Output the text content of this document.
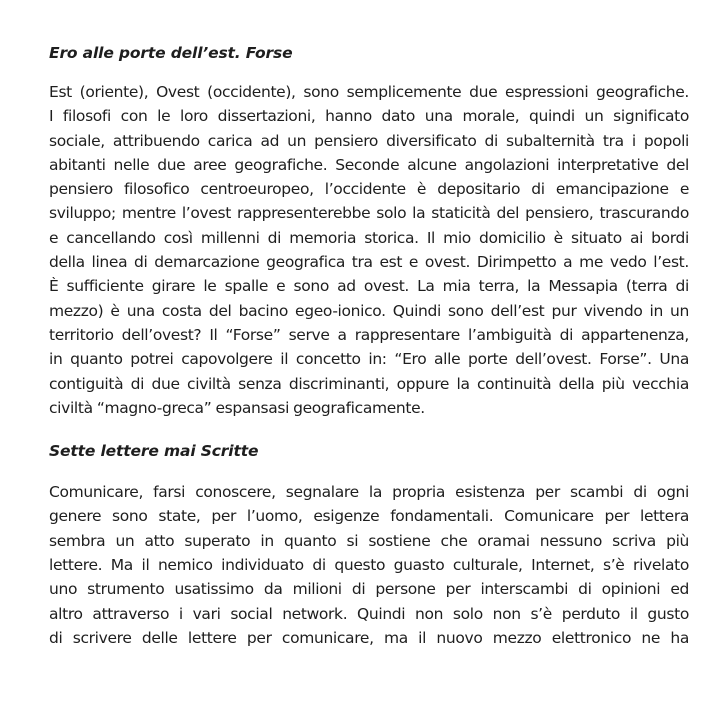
Ero alle porte dell’est. Forse

Est (oriente), Ovest (occidente), sono semplicemente due espressioni geografiche.
I filosofi con le loro dissertazioni, hanno dato una morale, quindi un significato
sociale, attribuendo carica ad un pensiero diversificato di subalternità tra i popoli
abitanti nelle due aree geografiche. Seconde alcune angolazioni interpretative del
pensiero filosofico centroeuropeo, l’occidente è depositario di emancipazione e
sviluppo; mentre l’ovest rappresenterebbe solo la staticità del pensiero, trascurando
e cancellando così millenni di memoria storica. Il mio domicilio è situato ai bordi
della linea di demarcazione geografica tra est e ovest. Dirimpetto a me vedo l’est.
È sufficiente girare le spalle e sono ad ovest. La mia terra, la Messapia (terra di
mezzo) è una costa del bacino egeo-ionico. Quindi sono dell’est pur vivendo in un
territorio dell’ovest? Il “Forse” serve a rappresentare l’ambiguità di appartenenza,
in quanto potrei capovolgere il concetto in: “Ero alle porte dell’ovest. Forse”. Una
contiguità di due civiltà senza discriminanti, oppure la continuità della più vecchia
civiltà “magno-greca” espansasi geograficamente.

Sette lettere mai Scritte

Comunicare, farsi conoscere, segnalare la propria esistenza per scambi di ogni
genere sono state, per l’uomo, esigenze fondamentali. Comunicare per lettera
sembra un atto superato in quanto si sostiene che oramai nessuno scriva più
lettere. Ma il nemico individuato di questo guasto culturale, Internet, s’è rivelato
uno strumento usatissimo da milioni di persone per interscambi di opinioni ed
altro attraverso i vari social network. Quindi non solo non s’è perduto il gusto
di scrivere delle lettere per comunicare, ma il nuovo mezzo elettronico ne ha
